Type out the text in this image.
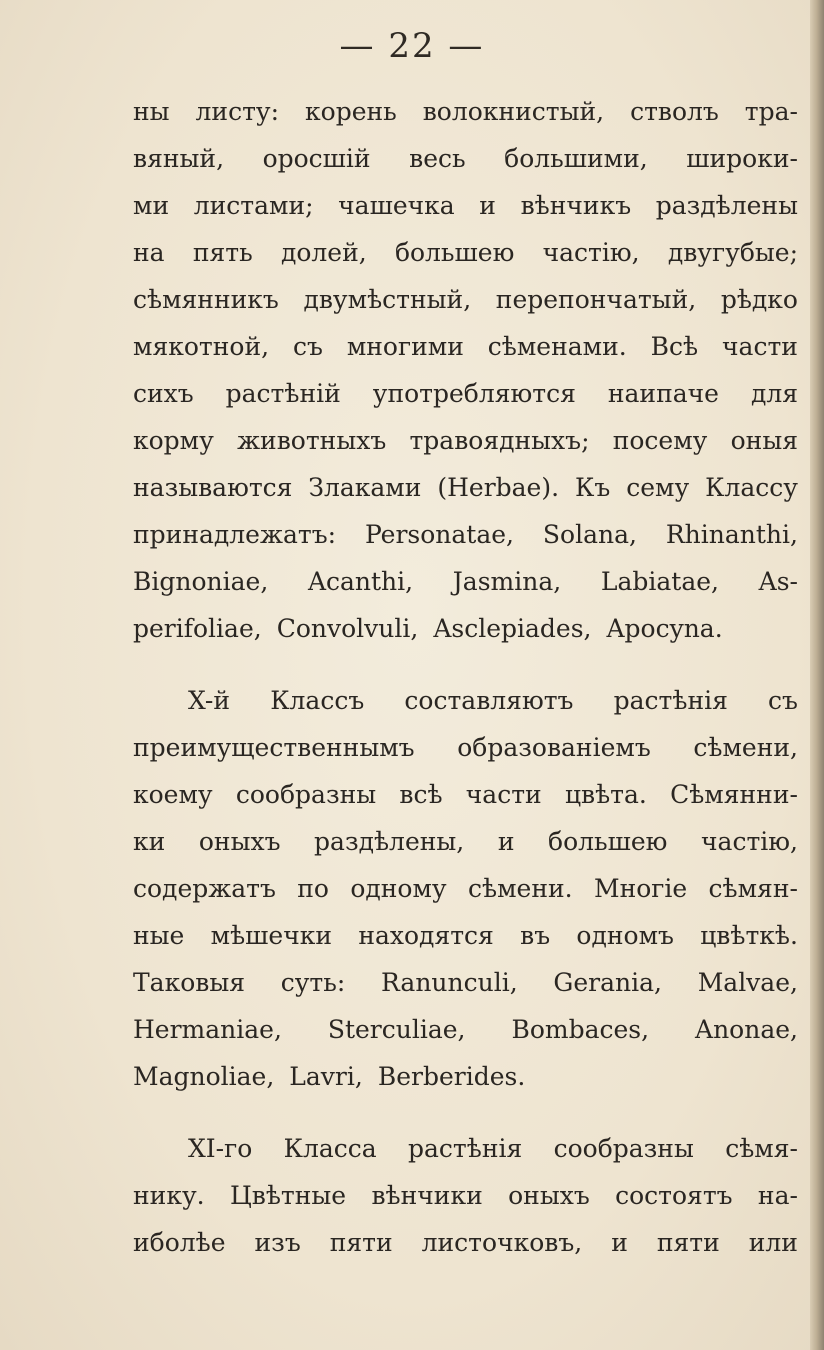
— 22 —
ны листу: корень волокнистый, стволъ тра-
вяный, оросшій весь большими, широки-
ми листами; чашечка и вѣнчикъ раздѣлены
на пять долей, большею частію, двугубые;
сѣмянникъ двумѣстный, перепончатый, рѣдко
мякотной, съ многими сѣменами. Всѣ части
сихъ растѣній употребляются наипаче для
корму животныхъ травоядныхъ; посему оныя
называются Злаками (Herbae). Къ сему Классу
принадлежатъ: Personatae, Solana, Rhinanthi,
Bignoniae, Acanthi, Jasmina, Labiatae, As-
perifoliae, Convolvuli, Asclepiades, Apocyna.
X-й Классъ составляютъ растѣнія съ
преимущественнымъ образованіемъ сѣмени,
коему сообразны всѣ части цвѣта. Сѣмянни-
ки оныхъ раздѣлены, и большею частію,
содержатъ по одному сѣмени. Многіе сѣмян-
ные мѣшечки находятся въ одномъ цвѣткѣ.
Таковыя суть: Ranunculi, Gerania, Malvae,
Hermaniae, Sterculiae, Bombaces, Anonae,
Magnoliae, Lavri, Berberides.
XI-го Класса растѣнія сообразны сѣмя-
нику. Цвѣтные вѣнчики оныхъ состоятъ на-
иболѣе изъ пяти листочковъ, и пяти или
